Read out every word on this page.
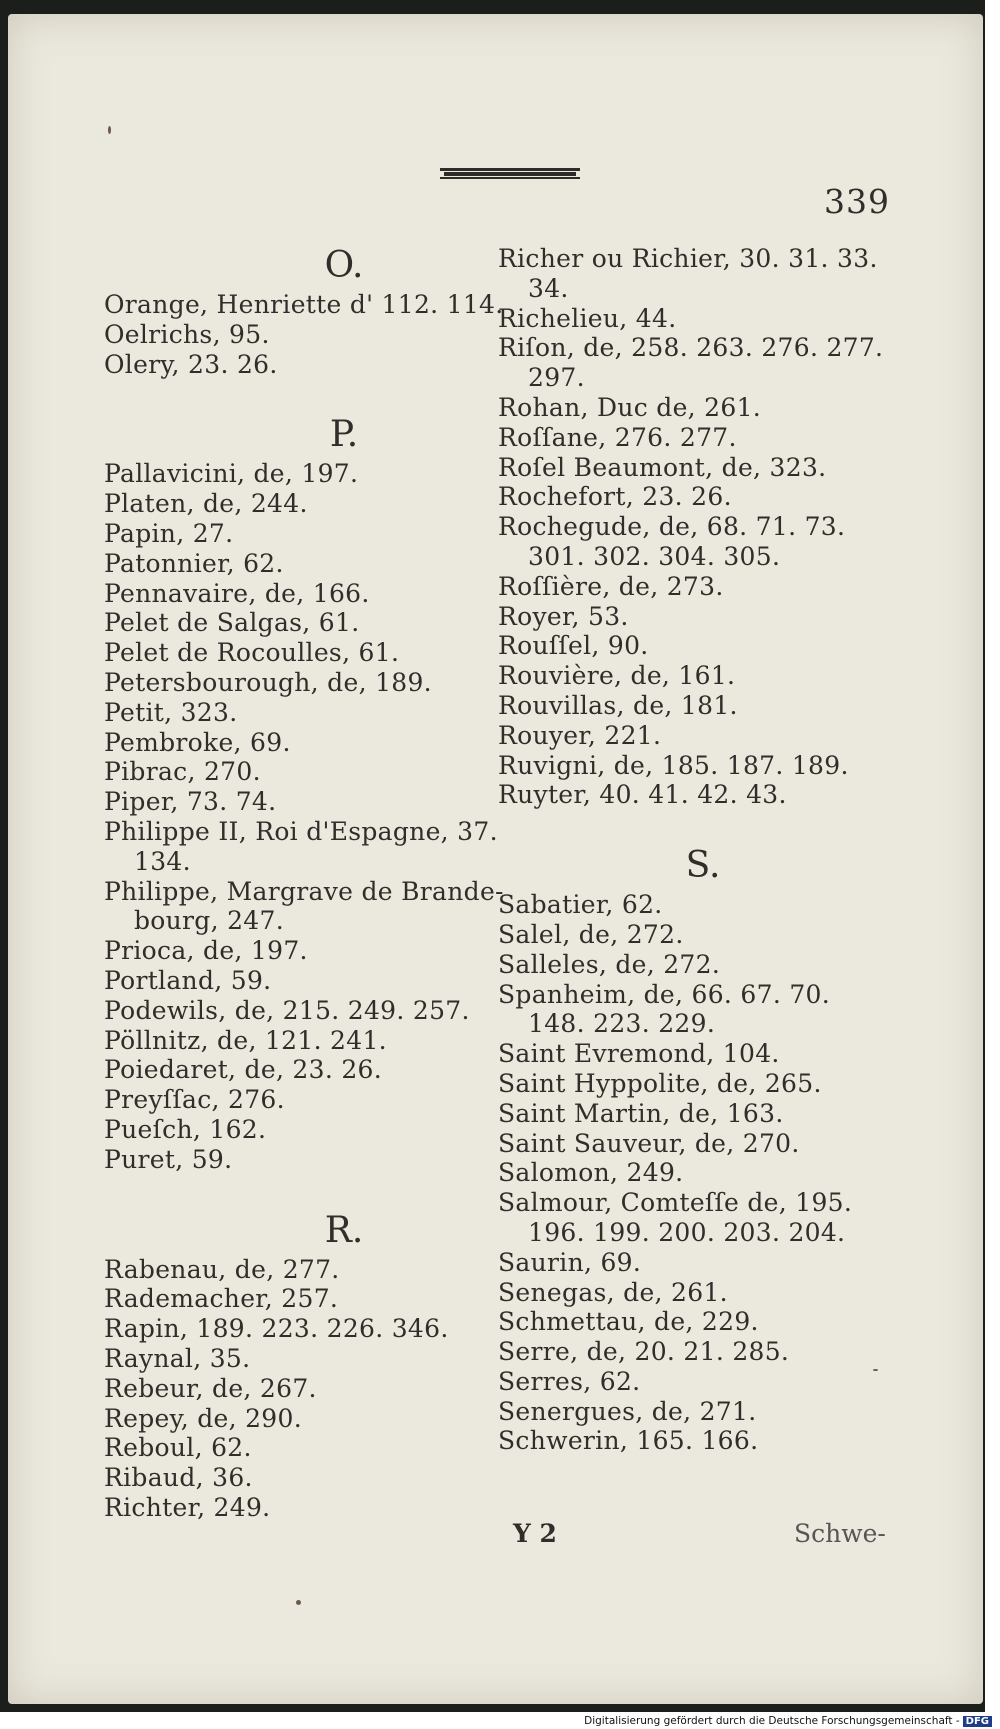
339
O.
Orange, Henriette d' 112. 114.
Oelrichs, 95.
Olery, 23. 26.
P.
Pallavicini, de, 197.
Platen, de, 244.
Papin, 27.
Patonnier, 62.
Pennavaire, de, 166.
Pelet de Salgas, 61.
Pelet de Rocoulles, 61.
Petersbourough, de, 189.
Petit, 323.
Pembroke, 69.
Pibrac, 270.
Piper, 73. 74.
Philippe II, Roi d'Espagne, 37.
134.
Philippe, Margrave de Brande-
bourg, 247.
Prioca, de, 197.
Portland, 59.
Podewils, de, 215. 249. 257.
Pöllnitz, de, 121. 241.
Poiedaret, de, 23. 26.
Preyſſac, 276.
Pueſch, 162.
Puret, 59.
R.
Rabenau, de, 277.
Rademacher, 257.
Rapin, 189. 223. 226. 346.
Raynal, 35.
Rebeur, de, 267.
Repey, de, 290.
Reboul, 62.
Ribaud, 36.
Richter, 249.
Richer ou Richier, 30. 31. 33.
34.
Richelieu, 44.
Riſon, de, 258. 263. 276. 277.
297.
Rohan, Duc de, 261.
Roſſane, 276. 277.
Roſel Beaumont, de, 323.
Rochefort, 23. 26.
Rochegude, de, 68. 71. 73.
301. 302. 304. 305.
Roſſière, de, 273.
Royer, 53.
Rouſſel, 90.
Rouvière, de, 161.
Rouvillas, de, 181.
Rouyer, 221.
Ruvigni, de, 185. 187. 189.
Ruyter, 40. 41. 42. 43.
S.
Sabatier, 62.
Salel, de, 272.
Salleles, de, 272.
Spanheim, de, 66. 67. 70.
148. 223. 229.
Saint Evremond, 104.
Saint Hyppolite, de, 265.
Saint Martin, de, 163.
Saint Sauveur, de, 270.
Salomon, 249.
Salmour, Comteſſe de, 195.
196. 199. 200. 203. 204.
Saurin, 69.
Senegas, de, 261.
Schmettau, de, 229.
Serre, de, 20. 21. 285.
Serres, 62.
Senergues, de, 271.
Schwerin, 165. 166.
Y 2	Schwe-
Digitalisierung gefördert durch die Deutsche Forschungsgemeinschaft - DFG
